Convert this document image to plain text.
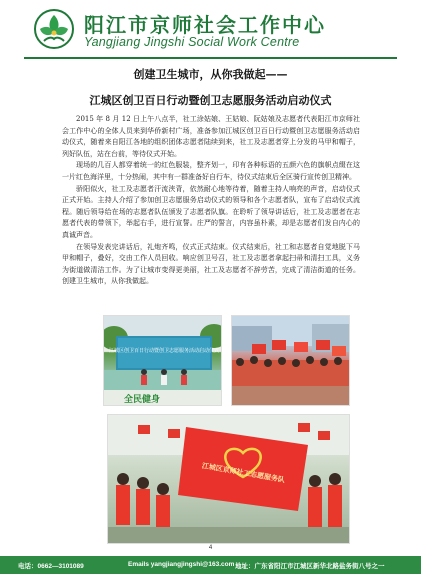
阳江市京师社会工作中心
Yangjiang Jingshi Social Work Centre
创建卫生城市，从你我做起——
江城区创卫百日行动暨创卫志愿服务活动启动仪式

2015 年 8 月 12 日上午八点半，社工涂姑娘、王姑娘、阮姑娘及志愿者代表阳江市京师社会工作中心的全体人员来到华侨新村广场，准备参加江城区创卫百日行动暨创卫志愿服务活动启动仪式，随着来自阳江各地的组织团体志愿者陆续到来，社工及志愿者穿上分发的马甲和帽子，列好队伍，站在台前，等待仪式开始。

现场的几百人都穿着统一的红色服装，整齐划一，印有各种标语的五颜六色的旗帜点缀在这一片红色海洋里，十分热闹，其中有一群准备好自行车，待仪式结束后全区骑行宣传创卫精神。

骄阳似火，社工及志愿者汗流浃背，依然耐心地等待着，随着主持人响亮的声音，启动仪式正式开始。主持人介绍了参加创卫志愿服务启动仪式的领导和各个志愿者队，宣布了启动仪式流程。随后领导给在场的志愿者队伍颁发了志愿者队旗。在聆听了领导讲话后，社工及志愿者在志愿者代表的带领下，举起右手，进行宣誓。庄严的誓言，内容虽朴素，却是志愿者们发自内心的真诚声音。

在领导发表完讲话后，礼炮齐鸣，仪式正式结束。仪式结束后，社工和志愿者自觉地脱下马甲和帽子，叠好，交由工作人员回收。响应创卫号召，社工及志愿者拿起扫帚和清扫工具，义务为街道做清洁工作。为了让城市变得更美丽，社工及志愿者不辞劳苦，完成了清洁街道的任务。创建卫生城市，从你我做起。

江城区创卫百日行动暨创卫志愿服务活动启动仪式
全民健身
江城区京师社工志愿服务队
4
电话：0662—3101089	Emails yangjiangjingshi@163.com 地址：广东省阳江市江城区新华北路盐务街八号之一
